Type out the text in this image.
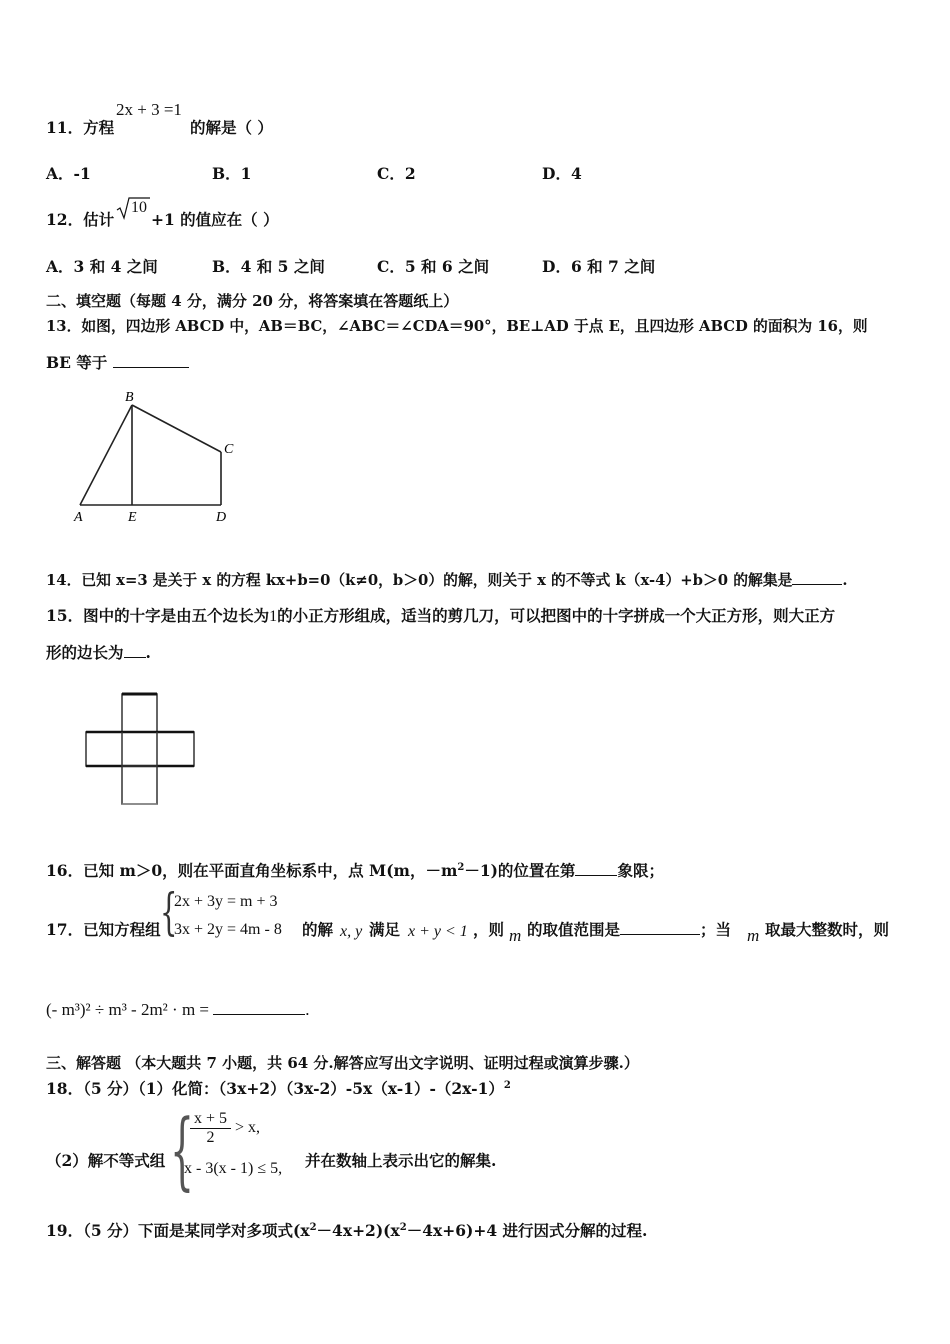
11．方程
2x + 3 =1
的解是（ ）
A．-1	B．1	C．2	D．4
12．估计
10
+1 的值应在（ ）
A．3 和 4 之间	B．4 和 5 之间	C．5 和 6 之间	D．6 和 7 之间
二、填空题（每题 4 分，满分 20 分，将答案填在答题纸上）
13．如图，四边形 ABCD 中，AB＝BC，∠ABC＝∠CDA＝90°，BE⊥AD 于点 E，且四边形 ABCD 的面积为 16，则
BE 等于
B
C
A	E	D
14．已知 x=3 是关于 x 的方程 kx+b=0（k≠0，b＞0）的解，则关于 x 的不等式 k（x-4）+b＞0 的解集是	.
15．图中的十字是由五个边长为1的小正方形组成，适当的剪几刀，可以把图中的十字拼成一个大正方形，则大正方
形的边长为 .
16．已知 m＞0，则在平面直角坐标系中，点 M(m，$-m^2-1$)的位置在第	象限；
17．已知方程组 {
2x + 3y = m + 3
3x + 2y = 4m - 8 的解 x, y 满足 x + y < 1 ，则 m 的取值范围是	；当 m 取最大整数时，则
(- m³)² ÷ m³ - 2m² · m =	.
三、解答题 （本大题共 7 小题，共 64 分.解答应写出文字说明、证明过程或演算步骤.）
18．（5 分）（1）化简：$(3x+2)(3x-2)-5x(x-1)-(2x-1)^2$
（2）解不等式组 {
$\frac{x + 5}{2} > x$,
x - 3(x - 1) ≤ 5, 并在数轴上表示出它的解集.
19．（5 分）下面是某同学对多项式$(x^2-4x+2)(x^2-4x+6)+4$ 进行因式分解的过程.
